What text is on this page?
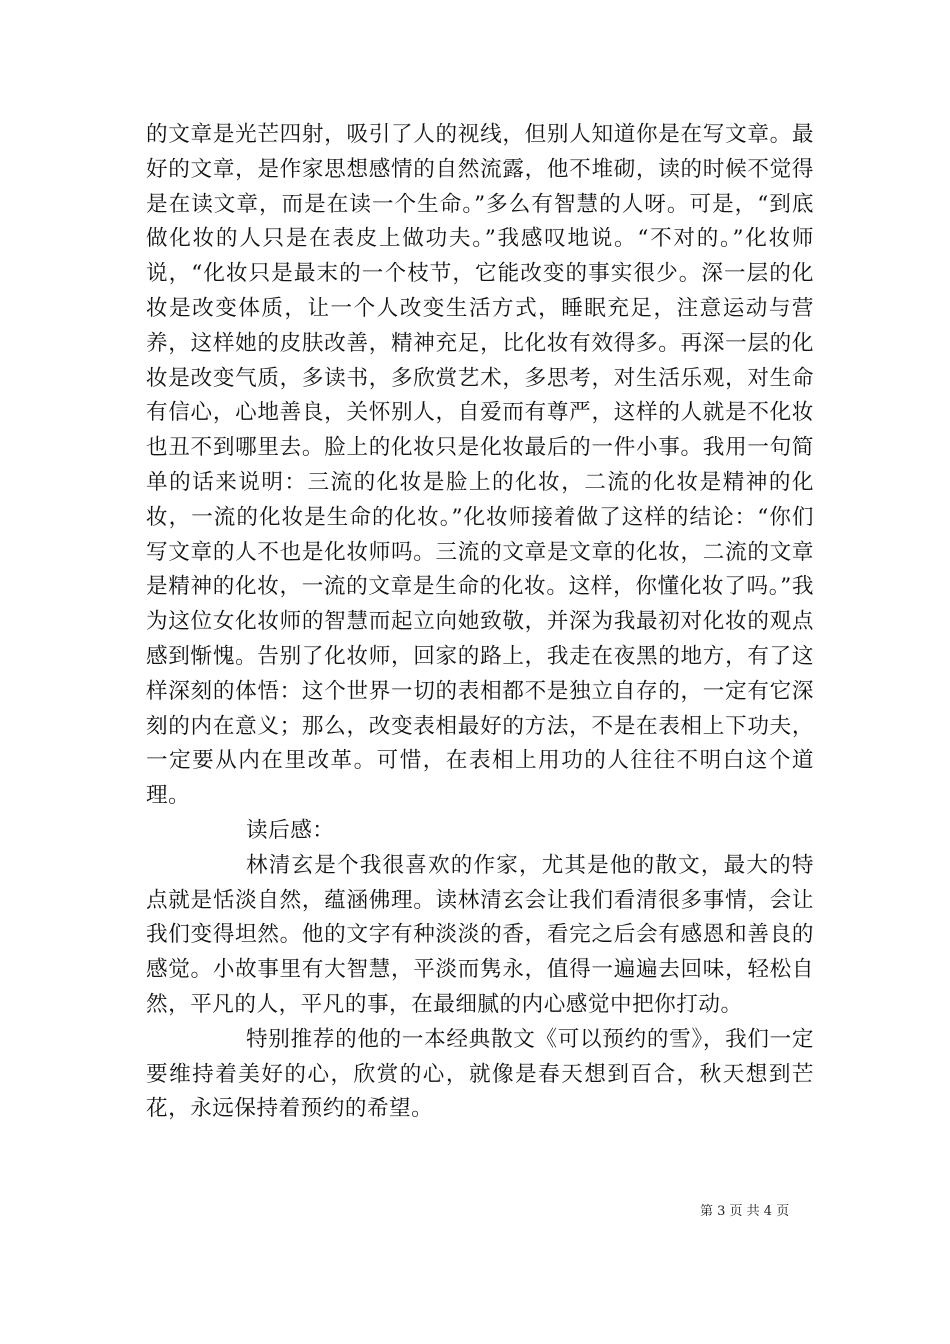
的文章是光芒四射，吸引了人的视线，但别人知道你是在写文章。最好的文章，是作家思想感情的自然流露，他不堆砌，读的时候不觉得是在读文章，而是在读一个生命。”多么有智慧的人呀。可是，“到底做化妆的人只是在表皮上做功夫。”我感叹地说。“不对的。”化妆师说，“化妆只是最末的一个枝节，它能改变的事实很少。深一层的化妆是改变体质，让一个人改变生活方式，睡眠充足，注意运动与营养，这样她的皮肤改善，精神充足，比化妆有效得多。再深一层的化妆是改变气质，多读书，多欣赏艺术，多思考，对生活乐观，对生命有信心，心地善良，关怀别人，自爱而有尊严，这样的人就是不化妆也丑不到哪里去。脸上的化妆只是化妆最后的一件小事。我用一句简单的话来说明：三流的化妆是脸上的化妆，二流的化妆是精神的化妆，一流的化妆是生命的化妆。”化妆师接着做了这样的结论：“你们写文章的人不也是化妆师吗。三流的文章是文章的化妆，二流的文章是精神的化妆，一流的文章是生命的化妆。这样，你懂化妆了吗。”我为这位女化妆师的智慧而起立向她致敬，并深为我最初对化妆的观点感到惭愧。告别了化妆师，回家的路上，我走在夜黑的地方，有了这样深刻的体悟：这个世界一切的表相都不是独立自存的，一定有它深刻的内在意义；那么，改变表相最好的方法，不是在表相上下功夫，一定要从内在里改革。可惜，在表相上用功的人往往不明白这个道理。

读后感：

林清玄是个我很喜欢的作家，尤其是他的散文，最大的特点就是恬淡自然，蕴涵佛理。读林清玄会让我们看清很多事情，会让我们变得坦然。他的文字有种淡淡的香，看完之后会有感恩和善良的感觉。小故事里有大智慧，平淡而隽永，值得一遍遍去回味，轻松自然，平凡的人，平凡的事，在最细腻的内心感觉中把你打动。

特别推荐的他的一本经典散文《可以预约的雪》，我们一定要维持着美好的心，欣赏的心，就像是春天想到百合，秋天想到芒花，永远保持着预约的希望。

第 3 页 共 4 页
